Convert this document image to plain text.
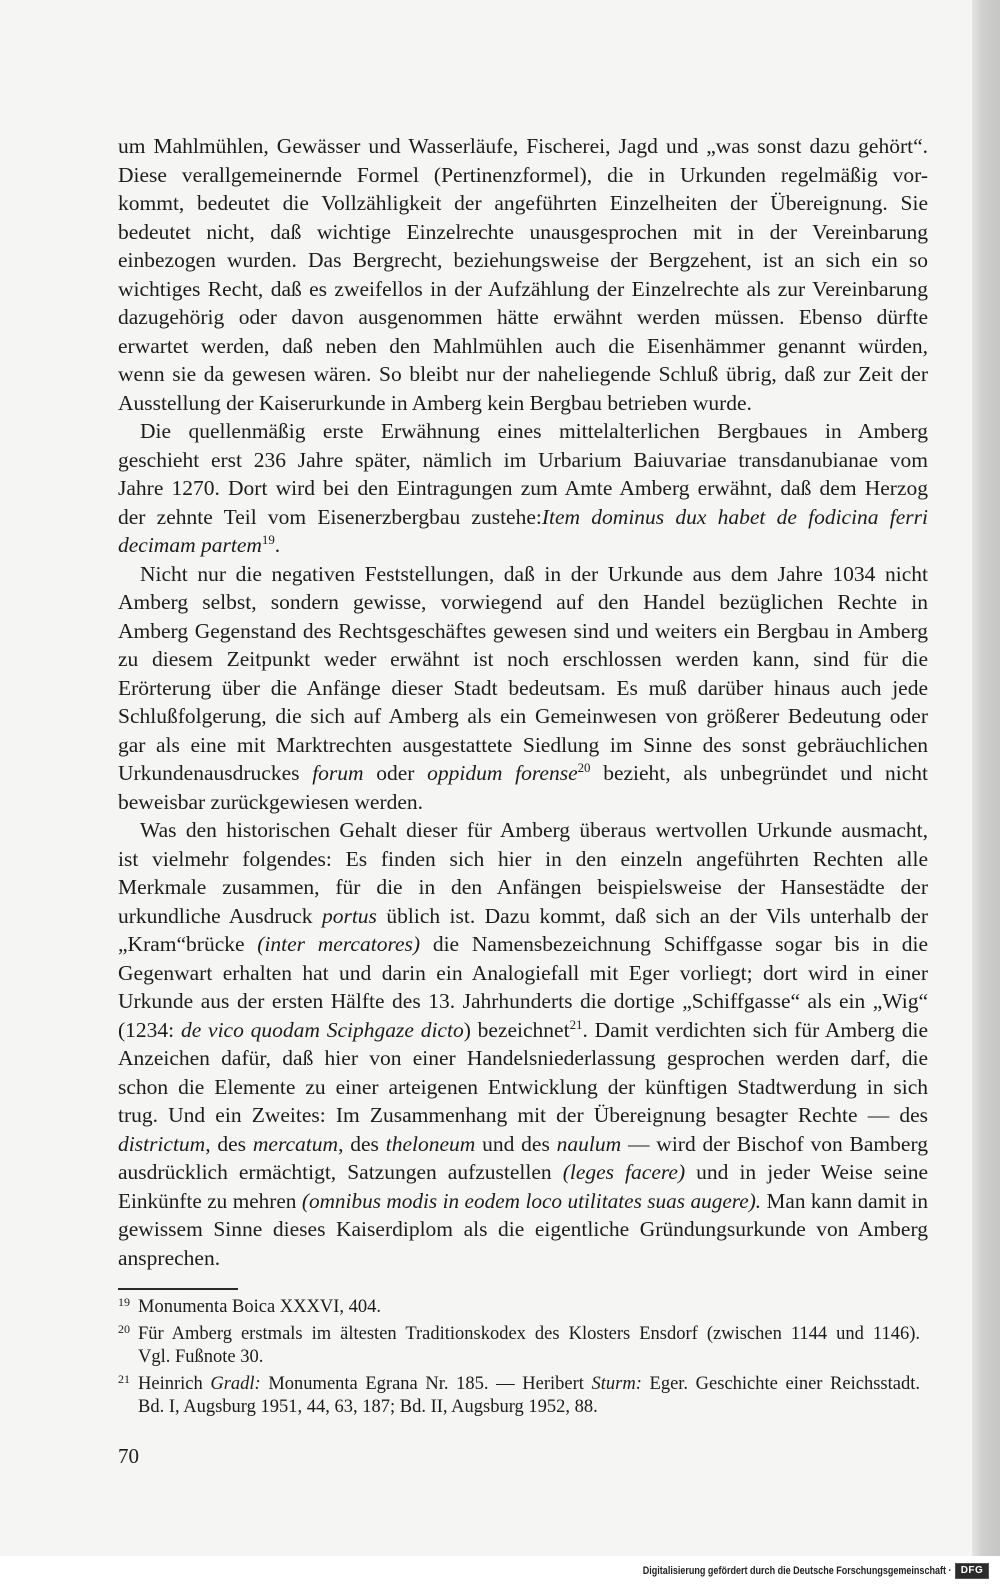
um Mahlmühlen, Gewässer und Wasserläufe, Fischerei, Jagd und „was sonst dazu gehört“.
Diese verallgemeinernde Formel (Pertinenzformel), die in Urkunden regelmäßig vor-
kommt, bedeutet die Vollzähligkeit der angeführten Einzelheiten der Übereignung. Sie
bedeutet nicht, daß wichtige Einzelrechte unausgesprochen mit in der Vereinbarung
einbezogen wurden. Das Bergrecht, beziehungsweise der Bergzehent, ist an sich ein so
wichtiges Recht, daß es zweifellos in der Aufzählung der Einzelrechte als zur Vereinbarung
dazugehörig oder davon ausgenommen hätte erwähnt werden müssen. Ebenso dürfte
erwartet werden, daß neben den Mahlmühlen auch die Eisenhämmer genannt würden,
wenn sie da gewesen wären. So bleibt nur der naheliegende Schluß übrig, daß zur Zeit der
Ausstellung der Kaiserurkunde in Amberg kein Bergbau betrieben wurde.
Die quellenmäßig erste Erwähnung eines mittelalterlichen Bergbaues in Amberg
geschieht erst 236 Jahre später, nämlich im Urbarium Baiuvariae transdanubianae vom
Jahre 1270. Dort wird bei den Eintragungen zum Amte Amberg erwähnt, daß dem Herzog
der zehnte Teil vom Eisenerzbergbau zustehe:Item dominus dux habet de fodicina ferri
decimam partem$^{19}$.
Nicht nur die negativen Feststellungen, daß in der Urkunde aus dem Jahre 1034 nicht
Amberg selbst, sondern gewisse, vorwiegend auf den Handel bezüglichen Rechte in
Amberg Gegenstand des Rechtsgeschäftes gewesen sind und weiters ein Bergbau in Amberg
zu diesem Zeitpunkt weder erwähnt ist noch erschlossen werden kann, sind für die
Erörterung über die Anfänge dieser Stadt bedeutsam. Es muß darüber hinaus auch jede
Schlußfolgerung, die sich auf Amberg als ein Gemeinwesen von größerer Bedeutung oder
gar als eine mit Marktrechten ausgestattete Siedlung im Sinne des sonst gebräuchlichen
Urkundenausdruckes forum oder oppidum forense$^{20}$ bezieht, als unbegründet und nicht
beweisbar zurückgewiesen werden.
Was den historischen Gehalt dieser für Amberg überaus wertvollen Urkunde ausmacht,
ist vielmehr folgendes: Es finden sich hier in den einzeln angeführten Rechten alle
Merkmale zusammen, für die in den Anfängen beispielsweise der Hansestädte der
urkundliche Ausdruck portus üblich ist. Dazu kommt, daß sich an der Vils unterhalb der
„Kram“brücke (inter mercatores) die Namensbezeichnung Schiffgasse sogar bis in die
Gegenwart erhalten hat und darin ein Analogiefall mit Eger vorliegt; dort wird in einer
Urkunde aus der ersten Hälfte des 13. Jahrhunderts die dortige „Schiffgasse“ als ein „Wig“
(1234: de vico quodam Sciphgaze dicto) bezeichnet$^{21}$. Damit verdichten sich für Amberg die
Anzeichen dafür, daß hier von einer Handelsniederlassung gesprochen werden darf, die
schon die Elemente zu einer arteigenen Entwicklung der künftigen Stadtwerdung in sich
trug. Und ein Zweites: Im Zusammenhang mit der Übereignung besagter Rechte — des
districtum, des mercatum, des theloneum und des naulum — wird der Bischof von Bamberg
ausdrücklich ermächtigt, Satzungen aufzustellen (leges facere) und in jeder Weise seine
Einkünfte zu mehren (omnibus modis in eodem loco utilitates suas augere). Man kann damit in
gewissem Sinne dieses Kaiserdiplom als die eigentliche Gründungsurkunde von Amberg
ansprechen.
19 Monumenta Boica XXXVI, 404.
20 Für Amberg erstmals im ältesten Traditionskodex des Klosters Ensdorf (zwischen 1144 und 1146).
Vgl. Fußnote 30.
21 Heinrich Gradl: Monumenta Egrana Nr. 185. — Heribert Sturm: Eger. Geschichte einer Reichsstadt.
Bd. I, Augsburg 1951, 44, 63, 187; Bd. II, Augsburg 1952, 88.
70
Digitalisierung gefördert durch die Deutsche Forschungsgemeinschaft · DFG
